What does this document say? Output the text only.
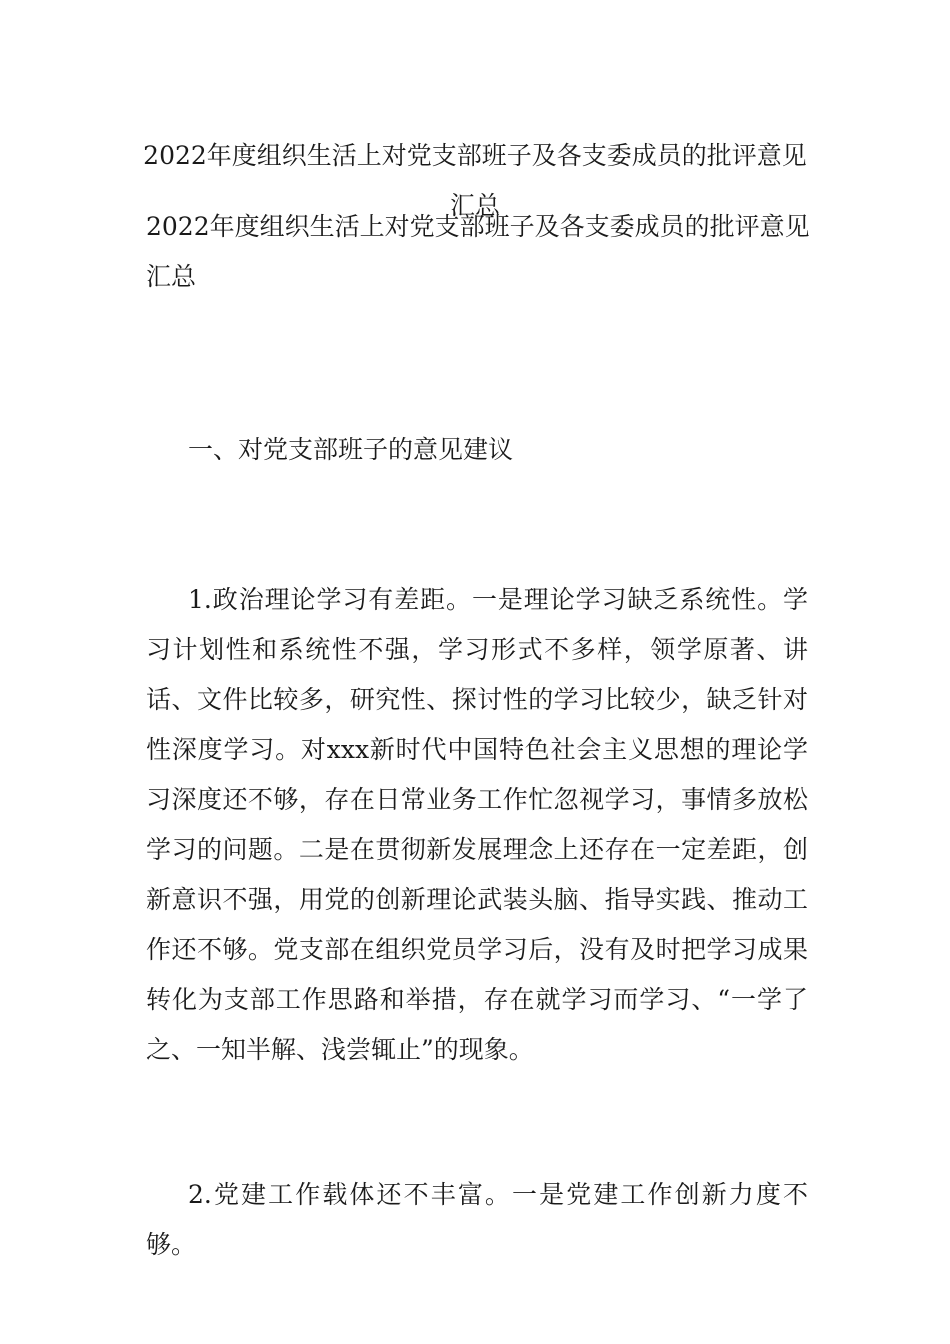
2022年度组织生活上对党支部班子及各支委成员的批评意见汇总
2022年度组织生活上对党支部班子及各支委成员的批评意见汇总
一、对党支部班子的意见建议
1.政治理论学习有差距。一是理论学习缺乏系统性。学习计划性和系统性不强，学习形式不多样，领学原著、讲话、文件比较多，研究性、探讨性的学习比较少，缺乏针对性深度学习。对xxx新时代中国特色社会主义思想的理论学习深度还不够，存在日常业务工作忙忽视学习，事情多放松学习的问题。二是在贯彻新发展理念上还存在一定差距，创新意识不强，用党的创新理论武装头脑、指导实践、推动工作还不够。党支部在组织党员学习后，没有及时把学习成果转化为支部工作思路和举措，存在就学习而学习、“一学了之、一知半解、浅尝辄止”的现象。
2.党建工作载体还不丰富。一是党建工作创新力度不够。
